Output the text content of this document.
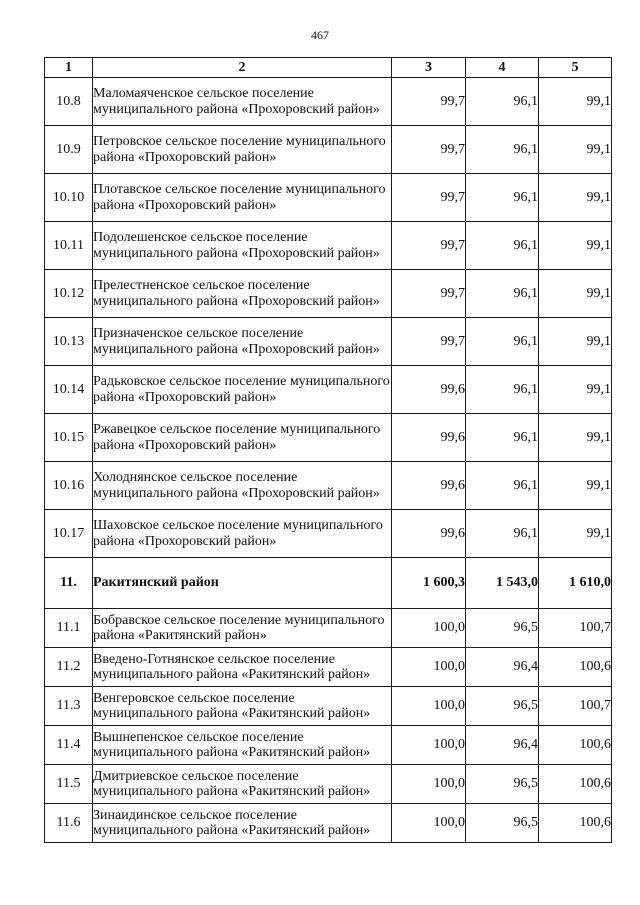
467
1	2	3	4	5
10.8	Маломаяченское сельское поселение муниципального района «Прохоровский район»	99,7	96,1	99,1
10.9	Петровское сельское поселение муниципального района «Прохоровский район»	99,7	96,1	99,1
10.10	Плотавское сельское поселение муниципального района «Прохоровский район»	99,7	96,1	99,1
10.11	Подолешенское сельское поселение муниципального района «Прохоровский район»	99,7	96,1	99,1
10.12	Прелестненское сельское поселение муниципального района «Прохоровский район»	99,7	96,1	99,1
10.13	Призначенское сельское поселение муниципального района «Прохоровский район»	99,7	96,1	99,1
10.14	Радьковское сельское поселение муниципального района «Прохоровский район»	99,6	96,1	99,1
10.15	Ржавецкое сельское поселение муниципального района «Прохоровский район»	99,6	96,1	99,1
10.16	Холоднянское сельское поселение муниципального района «Прохоровский район»	99,6	96,1	99,1
10.17	Шаховское сельское поселение муниципального района «Прохоровский район»	99,6	96,1	99,1
11.	Ракитянский район	1 600,3	1 543,0	1 610,0
11.1	Бобравское сельское поселение муниципального района «Ракитянский район»	100,0	96,5	100,7
11.2	Введено-Готнянское сельское поселение муниципального района «Ракитянский район»	100,0	96,4	100,6
11.3	Венгеровское сельское поселение муниципального района «Ракитянский район»	100,0	96,5	100,7
11.4	Вышнепенское сельское поселение муниципального района «Ракитянский район»	100,0	96,4	100,6
11.5	Дмитриевское сельское поселение муниципального района «Ракитянский район»	100,0	96,5	100,6
11.6	Зинаидинское сельское поселение муниципального района «Ракитянский район»	100,0	96,5	100,6
